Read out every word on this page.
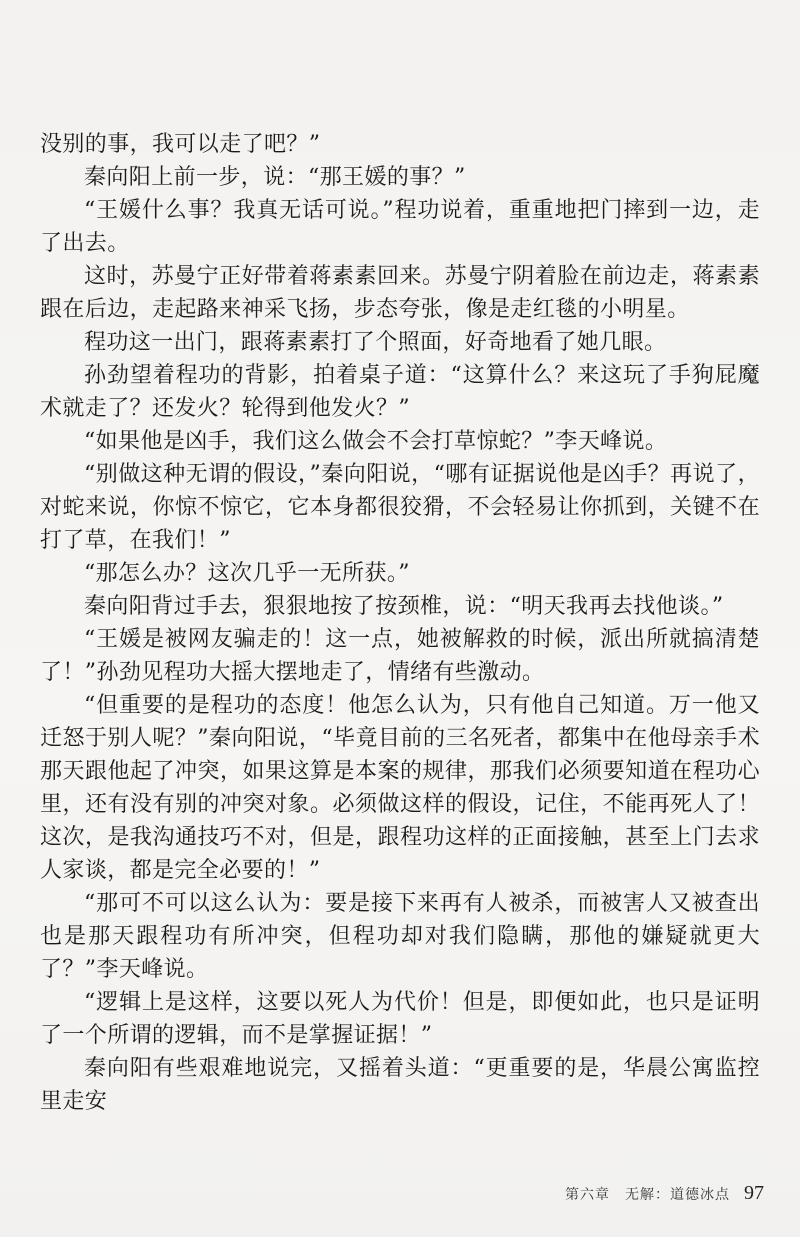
没别的事，我可以走了吧？”

秦向阳上前一步，说：“那王媛的事？”

“王媛什么事？我真无话可说。”程功说着，重重地把门摔到一边，走了出去。

这时，苏曼宁正好带着蒋素素回来。苏曼宁阴着脸在前边走，蒋素素跟在后边，走起路来神采飞扬，步态夸张，像是走红毯的小明星。

程功这一出门，跟蒋素素打了个照面，好奇地看了她几眼。

孙劲望着程功的背影，拍着桌子道：“这算什么？来这玩了手狗屁魔术就走了？还发火？轮得到他发火？”

“如果他是凶手，我们这么做会不会打草惊蛇？”李天峰说。

“别做这种无谓的假设，”秦向阳说，“哪有证据说他是凶手？再说了，对蛇来说，你惊不惊它，它本身都很狡猾，不会轻易让你抓到，关键不在打了草，在我们！”

“那怎么办？这次几乎一无所获。”

秦向阳背过手去，狠狠地按了按颈椎，说：“明天我再去找他谈。”

“王媛是被网友骗走的！这一点，她被解救的时候，派出所就搞清楚了！”孙劲见程功大摇大摆地走了，情绪有些激动。

“但重要的是程功的态度！他怎么认为，只有他自己知道。万一他又迁怒于别人呢？”秦向阳说，“毕竟目前的三名死者，都集中在他母亲手术那天跟他起了冲突，如果这算是本案的规律，那我们必须要知道在程功心里，还有没有别的冲突对象。必须做这样的假设，记住，不能再死人了！这次，是我沟通技巧不对，但是，跟程功这样的正面接触，甚至上门去求人家谈，都是完全必要的！”

“那可不可以这么认为：要是接下来再有人被杀，而被害人又被查出也是那天跟程功有所冲突，但程功却对我们隐瞒，那他的嫌疑就更大了？”李天峰说。

“逻辑上是这样，这要以死人为代价！但是，即便如此，也只是证明了一个所谓的逻辑，而不是掌握证据！”

秦向阳有些艰难地说完，又摇着头道：“更重要的是，华晨公寓监控里走安

第六章　无解：道德冰点 97
